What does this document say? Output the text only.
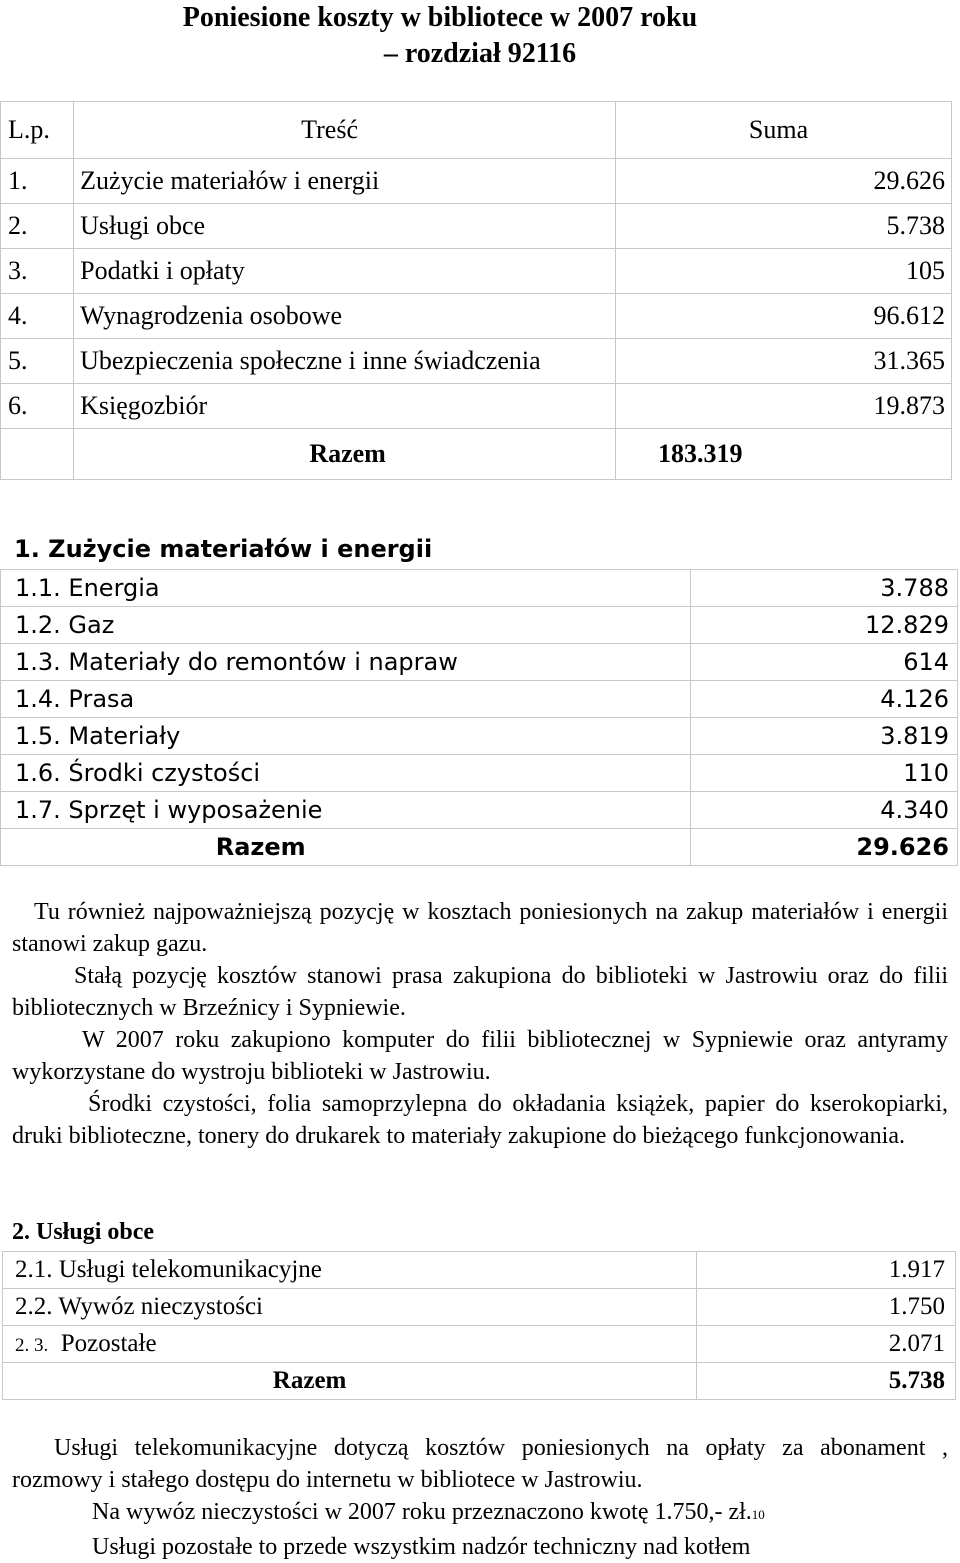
Poniesione koszty w bibliotece w 2007 roku
– rozdział 92116
L.p.	Treść	Suma
1.	Zużycie materiałów i energii	29.626
2.	Usługi obce	5.738
3.	Podatki i opłaty	105
4.	Wynagrodzenia osobowe	96.612
5.	Ubezpieczenia społeczne i inne świadczenia	31.365
6.	Księgozbiór	19.873
	Razem	183.319
1. Zużycie materiałów i energii
1.1. Energia	3.788
1.2. Gaz	12.829
1.3. Materiały do remontów i napraw	614
1.4. Prasa	4.126
1.5. Materiały	3.819
1.6. Środki czystości	110
1.7. Sprzęt i wyposażenie	4.340
Razem	29.626

Tu również najpoważniejszą pozycję w kosztach poniesionych na zakup materiałów i energii stanowi zakup gazu.

Stałą pozycję kosztów stanowi prasa zakupiona do biblioteki w Jastrowiu oraz do filii bibliotecznych w Brzeźnicy i Sypniewie.

W 2007 roku zakupiono komputer do filii bibliotecznej w Sypniewie oraz antyramy wykorzystane do wystroju biblioteki w Jastrowiu.

Środki czystości, folia samoprzylepna do okładania książek, papier do kserokopiarki, druki biblioteczne, tonery do drukarek to materiały zakupione do bieżącego funkcjonowania.

2. Usługi obce
2.1. Usługi telekomunikacyjne	1.917
2.2. Wywóz nieczystości	1.750
2. 3. Pozostałe	2.071
Razem	5.738

Usługi telekomunikacyjne dotyczą kosztów poniesionych na opłaty za abonament , rozmowy i stałego dostępu do internetu w bibliotece w Jastrowiu.

Na wywóz nieczystości w 2007 roku przeznaczono kwotę 1.750,- zł.10

Usługi pozostałe to przede wszystkim nadzór techniczny nad kotłem
